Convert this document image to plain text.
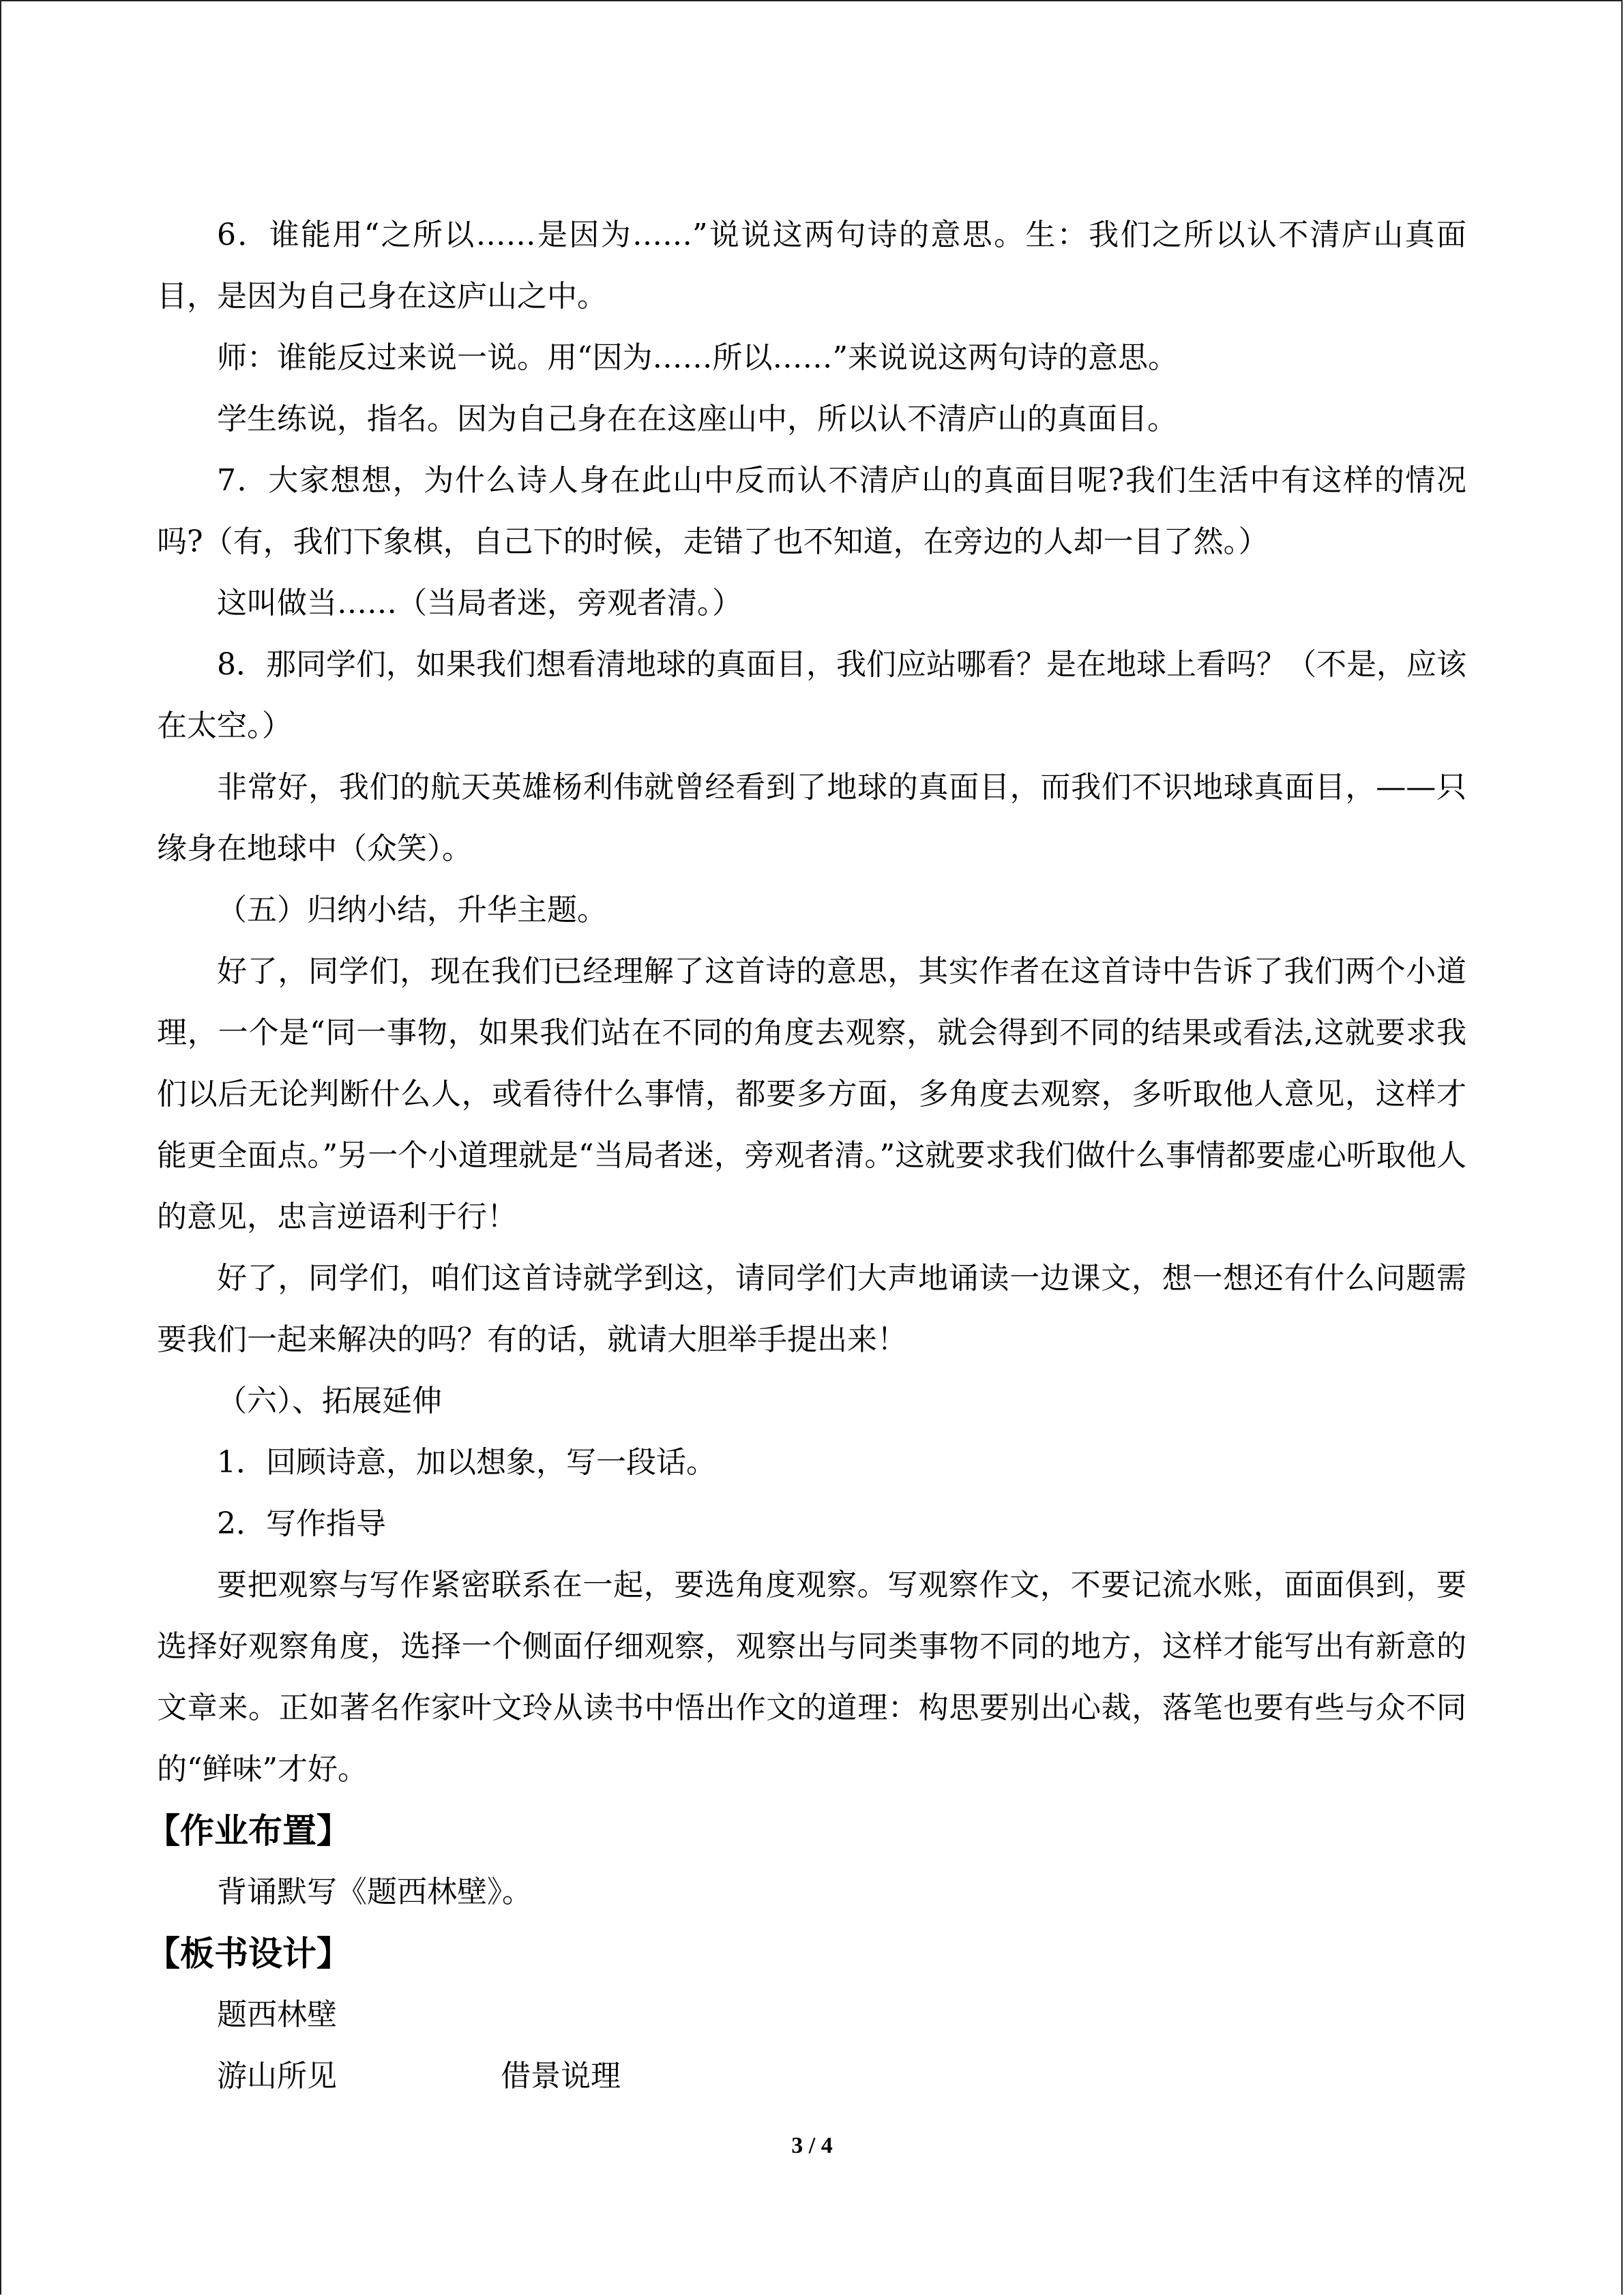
6．谁能用“之所以……是因为……”说说这两句诗的意思。生：我们之所以认不清庐山真面目，是因为自己身在这庐山之中。

师：谁能反过来说一说。用“因为……所以……”来说说这两句诗的意思。

学生练说，指名。因为自己身在在这座山中，所以认不清庐山的真面目。

7．大家想想，为什么诗人身在此山中反而认不清庐山的真面目呢?我们生活中有这样的情况吗?（有，我们下象棋，自己下的时候，走错了也不知道，在旁边的人却一目了然。）

这叫做当……（当局者迷，旁观者清。）

8．那同学们，如果我们想看清地球的真面目，我们应站哪看？是在地球上看吗？（不是，应该在太空。）

非常好，我们的航天英雄杨利伟就曾经看到了地球的真面目，而我们不识地球真面目，——只缘身在地球中（众笑）。

（五）归纳小结，升华主题。

好了，同学们，现在我们已经理解了这首诗的意思，其实作者在这首诗中告诉了我们两个小道理，一个是“同一事物，如果我们站在不同的角度去观察，就会得到不同的结果或看法,这就要求我们以后无论判断什么人，或看待什么事情，都要多方面，多角度去观察，多听取他人意见，这样才能更全面点。”另一个小道理就是“当局者迷，旁观者清。”这就要求我们做什么事情都要虚心听取他人的意见，忠言逆语利于行！

好了，同学们，咱们这首诗就学到这，请同学们大声地诵读一边课文，想一想还有什么问题需要我们一起来解决的吗？有的话，就请大胆举手提出来！

（六）、拓展延伸

1．回顾诗意，加以想象，写一段话。

2．写作指导

要把观察与写作紧密联系在一起，要选角度观察。写观察作文，不要记流水账，面面俱到，要选择好观察角度，选择一个侧面仔细观察，观察出与同类事物不同的地方，这样才能写出有新意的文章来。正如著名作家叶文玲从读书中悟出作文的道理：构思要别出心裁，落笔也要有些与众不同的“鲜味”才好。

【作业布置】

背诵默写《题西林壁》。

【板书设计】

题西林壁

游山所见	借景说理

3 / 4
